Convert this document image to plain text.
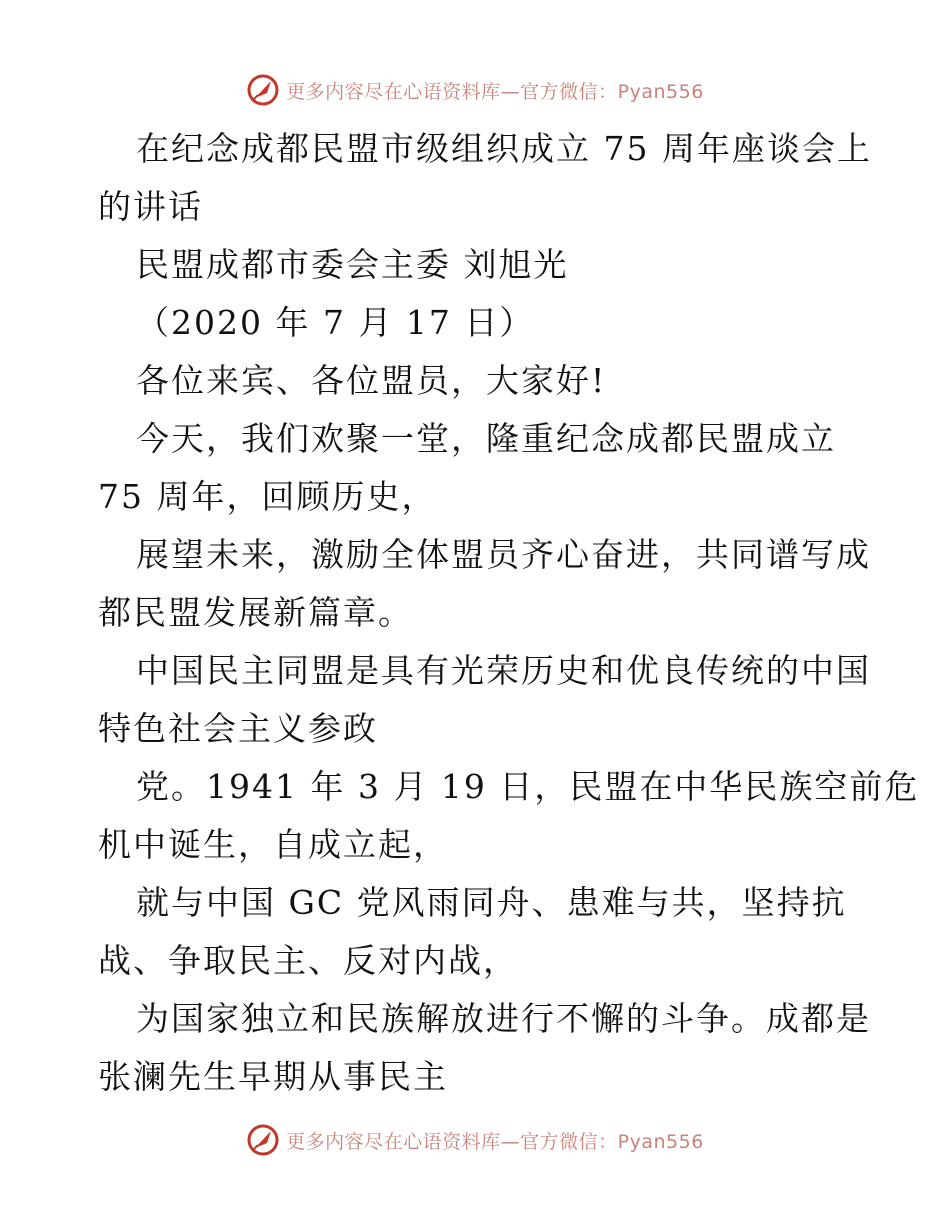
更多内容尽在心语资料库—官方微信：Pyan556
在纪念成都民盟市级组织成立 75 周年座谈会上
的讲话
民盟成都市委会主委 刘旭光
（2020 年 7 月 17 日）
各位来宾、各位盟员，大家好!
今天，我们欢聚一堂，隆重纪念成都民盟成立
75 周年，回顾历史，
展望未来，激励全体盟员齐心奋进，共同谱写成
都民盟发展新篇章。
中国民主同盟是具有光荣历史和优良传统的中国
特色社会主义参政
党。1941 年 3 月 19 日，民盟在中华民族空前危
机中诞生，自成立起，
就与中国 GC 党风雨同舟、患难与共，坚持抗
战、争取民主、反对内战，
为国家独立和民族解放进行不懈的斗争。成都是
张澜先生早期从事民主
更多内容尽在心语资料库—官方微信：Pyan556
